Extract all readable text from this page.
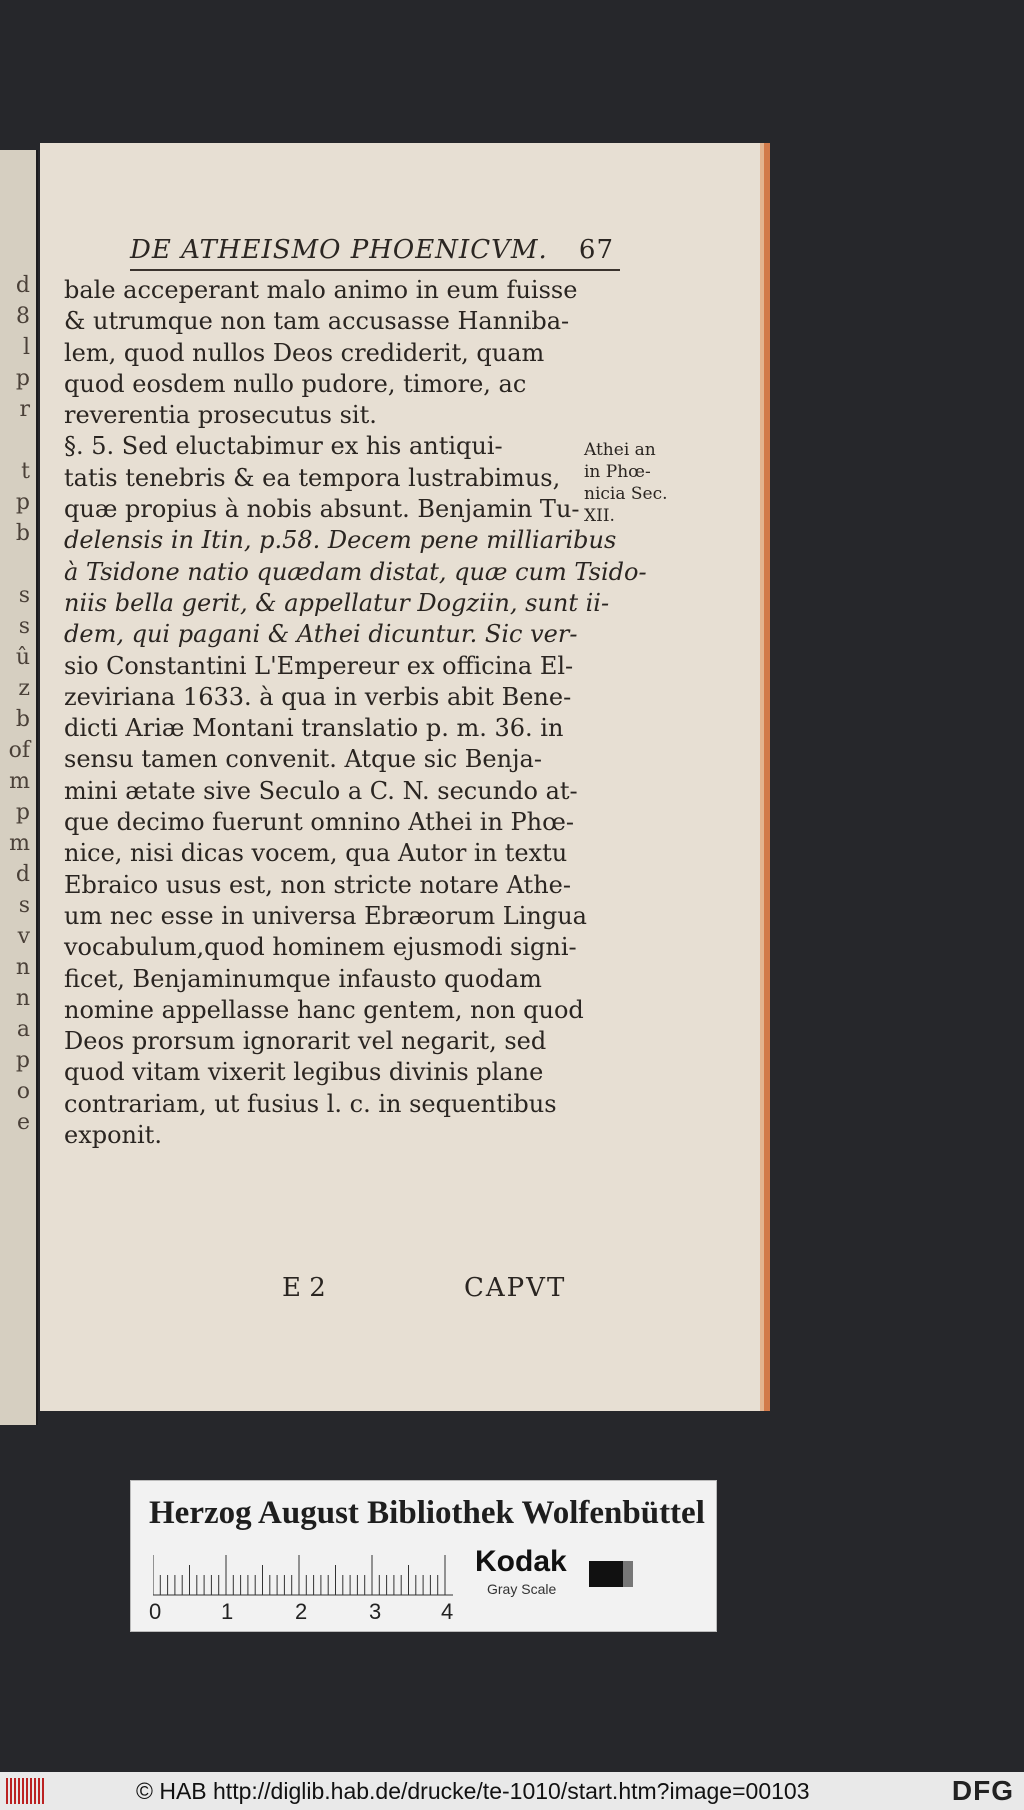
d
8
l
p
r
t
p
b
s
s
û
z
b
of
m
p
m
d
s
v
n
n
a
p
o
e
DE ATHEISMO PHOENICVM. 67
bale acceperant malo animo in eum fuisse
& utrumque non tam accusasse Hanniba-
lem, quod nullos Deos crediderit, quam
quod eosdem nullo pudore, timore, ac
reverentia prosecutus sit.
§. 5. Sed eluctabimur ex his antiqui-
tatis tenebris & ea tempora lustrabimus,
quæ propius à nobis absunt. Benjamin Tu-
delensis in Itin, p.58. Decem pene milliaribus
à Tsidone natio quædam distat, quæ cum Tsido-
niis bella gerit, & appellatur Dogziin, sunt ii-
dem, qui pagani & Athei dicuntur. Sic ver-
sio Constantini L'Empereur ex officina El-
zeviriana 1633. à qua in verbis abit Bene-
dicti Ariæ Montani translatio p. m. 36. in
sensu tamen convenit. Atque sic Benja-
mini ætate sive Seculo a C. N. secundo at-
que decimo fuerunt omnino Athei in Phœ-
nice, nisi dicas vocem, qua Autor in textu
Ebraico usus est, non stricte notare Athe-
um nec esse in universa Ebræorum Lingua
vocabulum,quod hominem ejusmodi signi-
ficet, Benjaminumque infausto quodam
nomine appellasse hanc gentem, non quod
Deos prorsum ignorarit vel negarit, sed
quod vitam vixerit legibus divinis plane
contrariam, ut fusius l. c. in sequentibus
exponit.
Athei an
in Phœ-
nicia Sec.
XII.
E 2	CAPVT
Herzog August Bibliothek Wolfenbüttel
0	1	2	3	4
Kodak
Gray Scale
© HAB http://diglib.hab.de/drucke/te-1010/start.htm?image=00103	DFG
